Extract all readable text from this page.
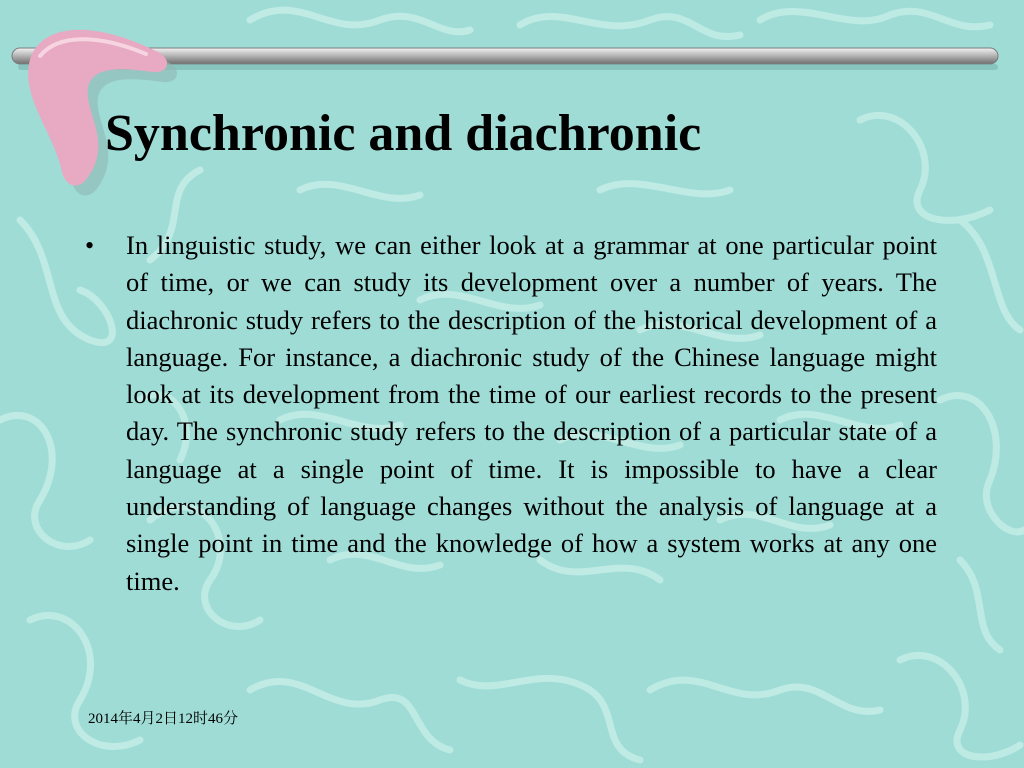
Synchronic and diachronic
• In linguistic study, we can either look at a grammar at one particular point of time, or we can study its development over a number of years. The diachronic study refers to the description of the historical development of a language. For instance, a diachronic study of the Chinese language might look at its development from the time of our earliest records to the present day. The synchronic study refers to the description of a particular state of a language at a single point of time. It is impossible to have a clear understanding of language changes without the analysis of language at a single point in time and the knowledge of how a system works at any one time.
2014年4月2日12时46分
